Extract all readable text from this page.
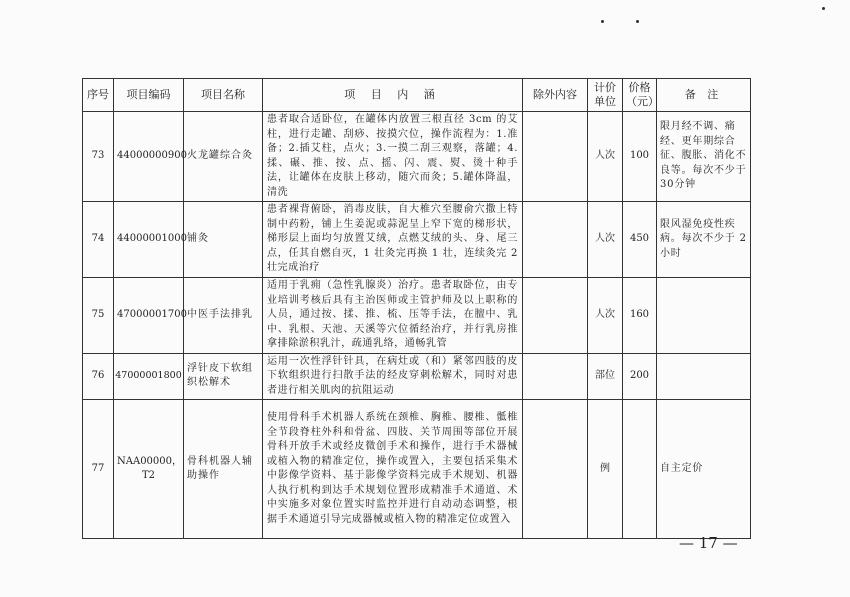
序号	项目编码	项目名称	项 目 内 涵	除外内容	计价单位	价格（元）	备 注
73	44000000900	火龙罐综合灸	患者取合适卧位，在罐体内放置三根直径 3cm 的艾柱，进行走罐、刮痧、按摸穴位，操作流程为：1.准备；2.插艾柱，点火；3.一摸二刮三观察，落罐；4.揉、碾、推、按、点、摇、闪、震、熨、烫十种手法，让罐体在皮肤上移动，随穴而灸；5.罐体降温，清洗		人次	100	限月经不调、痛经、更年期综合征、腹胀、消化不良等。每次不少于30分钟
74	44000001000	铺灸	患者裸背俯卧，消毒皮肤，自大椎穴至腰俞穴撒上特制中药粉，铺上生姜泥或蒜泥呈上窄下宽的梯形状，梯形层上面均匀放置艾绒，点燃艾绒的头、身、尾三点，任其自燃自灭，1 壮灸完再换 1 壮，连续灸完 2 壮完成治疗		人次	450	限风湿免疫性疾病。每次不少于 2 小时
75	47000001700	中医手法排乳	适用于乳痈（急性乳腺炎）治疗。患者取卧位，由专业培训考核后具有主治医师或主管护师及以上职称的人员，通过按、揉、推、梳、压等手法，在膻中、乳中、乳根、天池、天溪等穴位循经治疗，并行乳房推拿排除淤积乳汁，疏通乳络，通畅乳管		人次	160	
76	47000001800	浮针皮下软组织松解术	运用一次性浮针针具，在病灶或（和）紧邻四肢的皮下软组织进行扫散手法的经皮穿刺松解术，同时对患者进行相关肌肉的抗阻运动		部位	200	
77	NAA00000，T2	骨科机器人辅助操作	使用骨科手术机器人系统在颈椎、胸椎、腰椎、骶椎全节段脊柱外科和骨盆、四肢、关节周围等部位开展骨科开放手术或经皮微创手术和操作，进行手术器械或植入物的精准定位，操作或置入，主要包括采集术中影像学资料、基于影像学资料完成手术规划、机器人执行机构到达手术规划位置形成精准手术通道、术中实施多对象位置实时监控并进行自动动态调整，根据手术通道引导完成器械或植入物的精准定位或置入		例		自主定价
— 17 —
